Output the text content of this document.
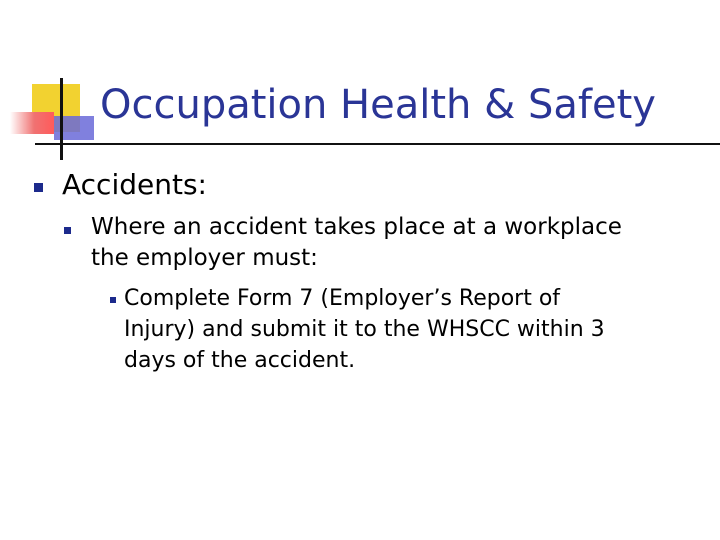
Occupation Health & Safety
Accidents:

Where an accident takes place at a workplace
the employer must:

Complete Form 7 (Employer’s Report of
Injury) and submit it to the WHSCC within 3
days of the accident.
